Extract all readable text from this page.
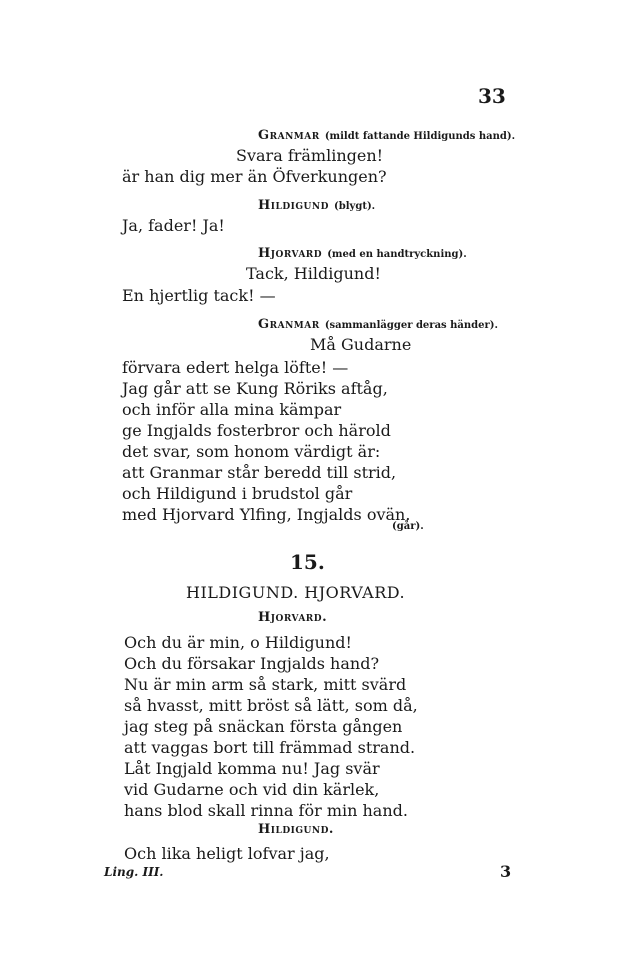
33
Granmar (mildt fattande Hildigunds hand).
Svara främlingen!
är han dig mer än Öfverkungen?
Hildigund (blygt).
Ja, fader! Ja!
Hjorvard (med en handtryckning).
Tack, Hildigund!
En hjertlig tack! —
Granmar (sammanlägger deras händer).
Må Gudarne
förvara edert helga löfte! —
Jag går att se Kung Röriks aftåg,
och inför alla mina kämpar
ge Ingjalds fosterbror och härold
det svar, som honom värdigt är:
att Granmar står beredd till strid,
och Hildigund i brudstol går
med Hjorvard Ylfing, Ingjalds ovän.
(går).
15.
HILDIGUND. HJORVARD.
Hjorvard.
Och du är min, o Hildigund!
Och du försakar Ingjalds hand?
Nu är min arm så stark, mitt svärd
så hvasst, mitt bröst så lätt, som då,
jag steg på snäckan första gången
att vaggas bort till främmad strand.
Låt Ingjald komma nu! Jag svär
vid Gudarne och vid din kärlek,
hans blod skall rinna för min hand.
Hildigund.
Och lika heligt lofvar jag,
Ling. III.	3
